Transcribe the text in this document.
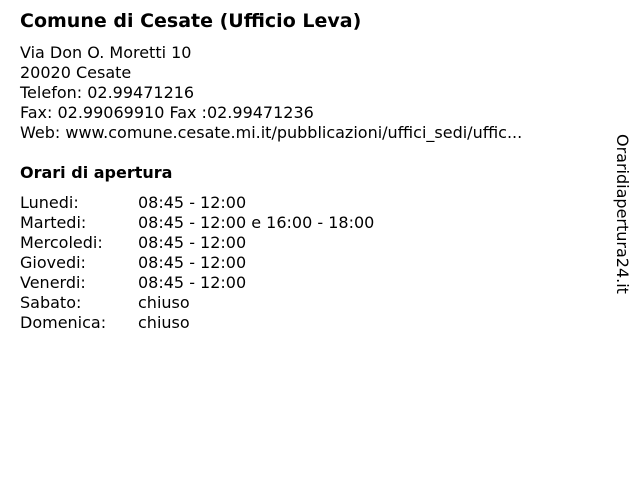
Comune di Cesate (Ufficio Leva)
Via Don O. Moretti 10
20020 Cesate
Telefon: 02.99471216
Fax: 02.99069910 Fax :02.99471236
Web: www.comune.cesate.mi.it/pubblicazioni/uffici_sedi/uffic...
Orari di apertura
Lunedi:	08:45 - 12:00
Martedi:	08:45 - 12:00 e 16:00 - 18:00
Mercoledi:	08:45 - 12:00
Giovedi:	08:45 - 12:00
Venerdi:	08:45 - 12:00
Sabato:	chiuso
Domenica:	chiuso
Oraridiapertura24.it
